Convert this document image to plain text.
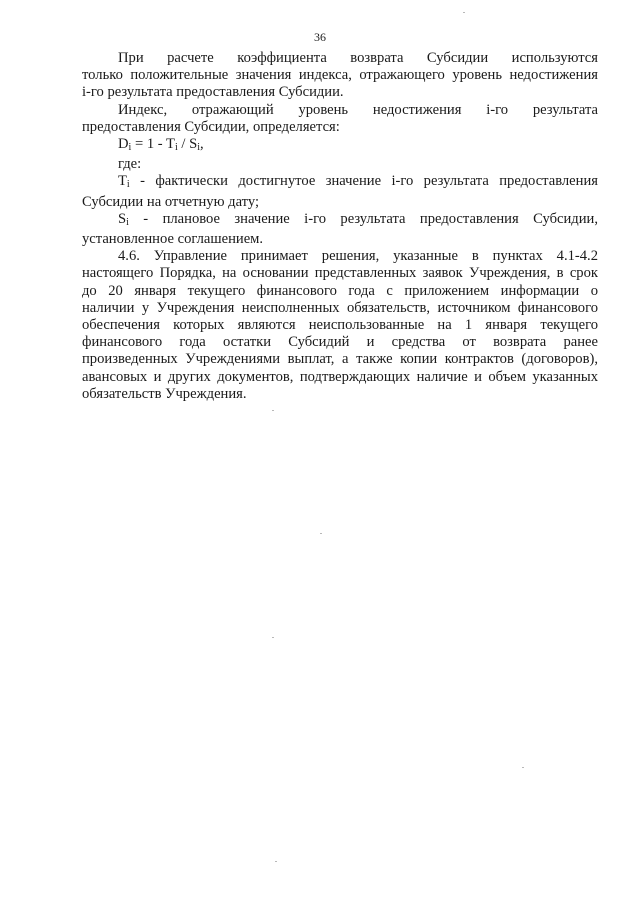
36
При расчете коэффициента возврата Субсидии используются
только положительные значения индекса, отражающего уровень недостижения
i-го результата предоставления Субсидии.
Индекс, отражающий уровень недостижения i-го результата
предоставления Субсидии, определяется:
$D_i = 1 - T_i / S_i$,
где:
$T_i$ - фактически достигнутое значение i-го результата предоставления
Субсидии на отчетную дату;
$S_i$ - плановое значение i-го результата предоставления Субсидии,
установленное соглашением.
4.6. Управление принимает решения, указанные в пунктах 4.1-4.2
настоящего Порядка, на основании представленных заявок Учреждения, в срок
до 20 января текущего финансового года с приложением информации о
наличии у Учреждения неисполненных обязательств, источником финансового
обеспечения которых являются неиспользованные на 1 января текущего
финансового года остатки Субсидий и средства от возврата ранее
произведенных Учреждениями выплат, а также копии контрактов (договоров),
авансовых и других документов, подтверждающих наличие и объем указанных
обязательств Учреждения.
